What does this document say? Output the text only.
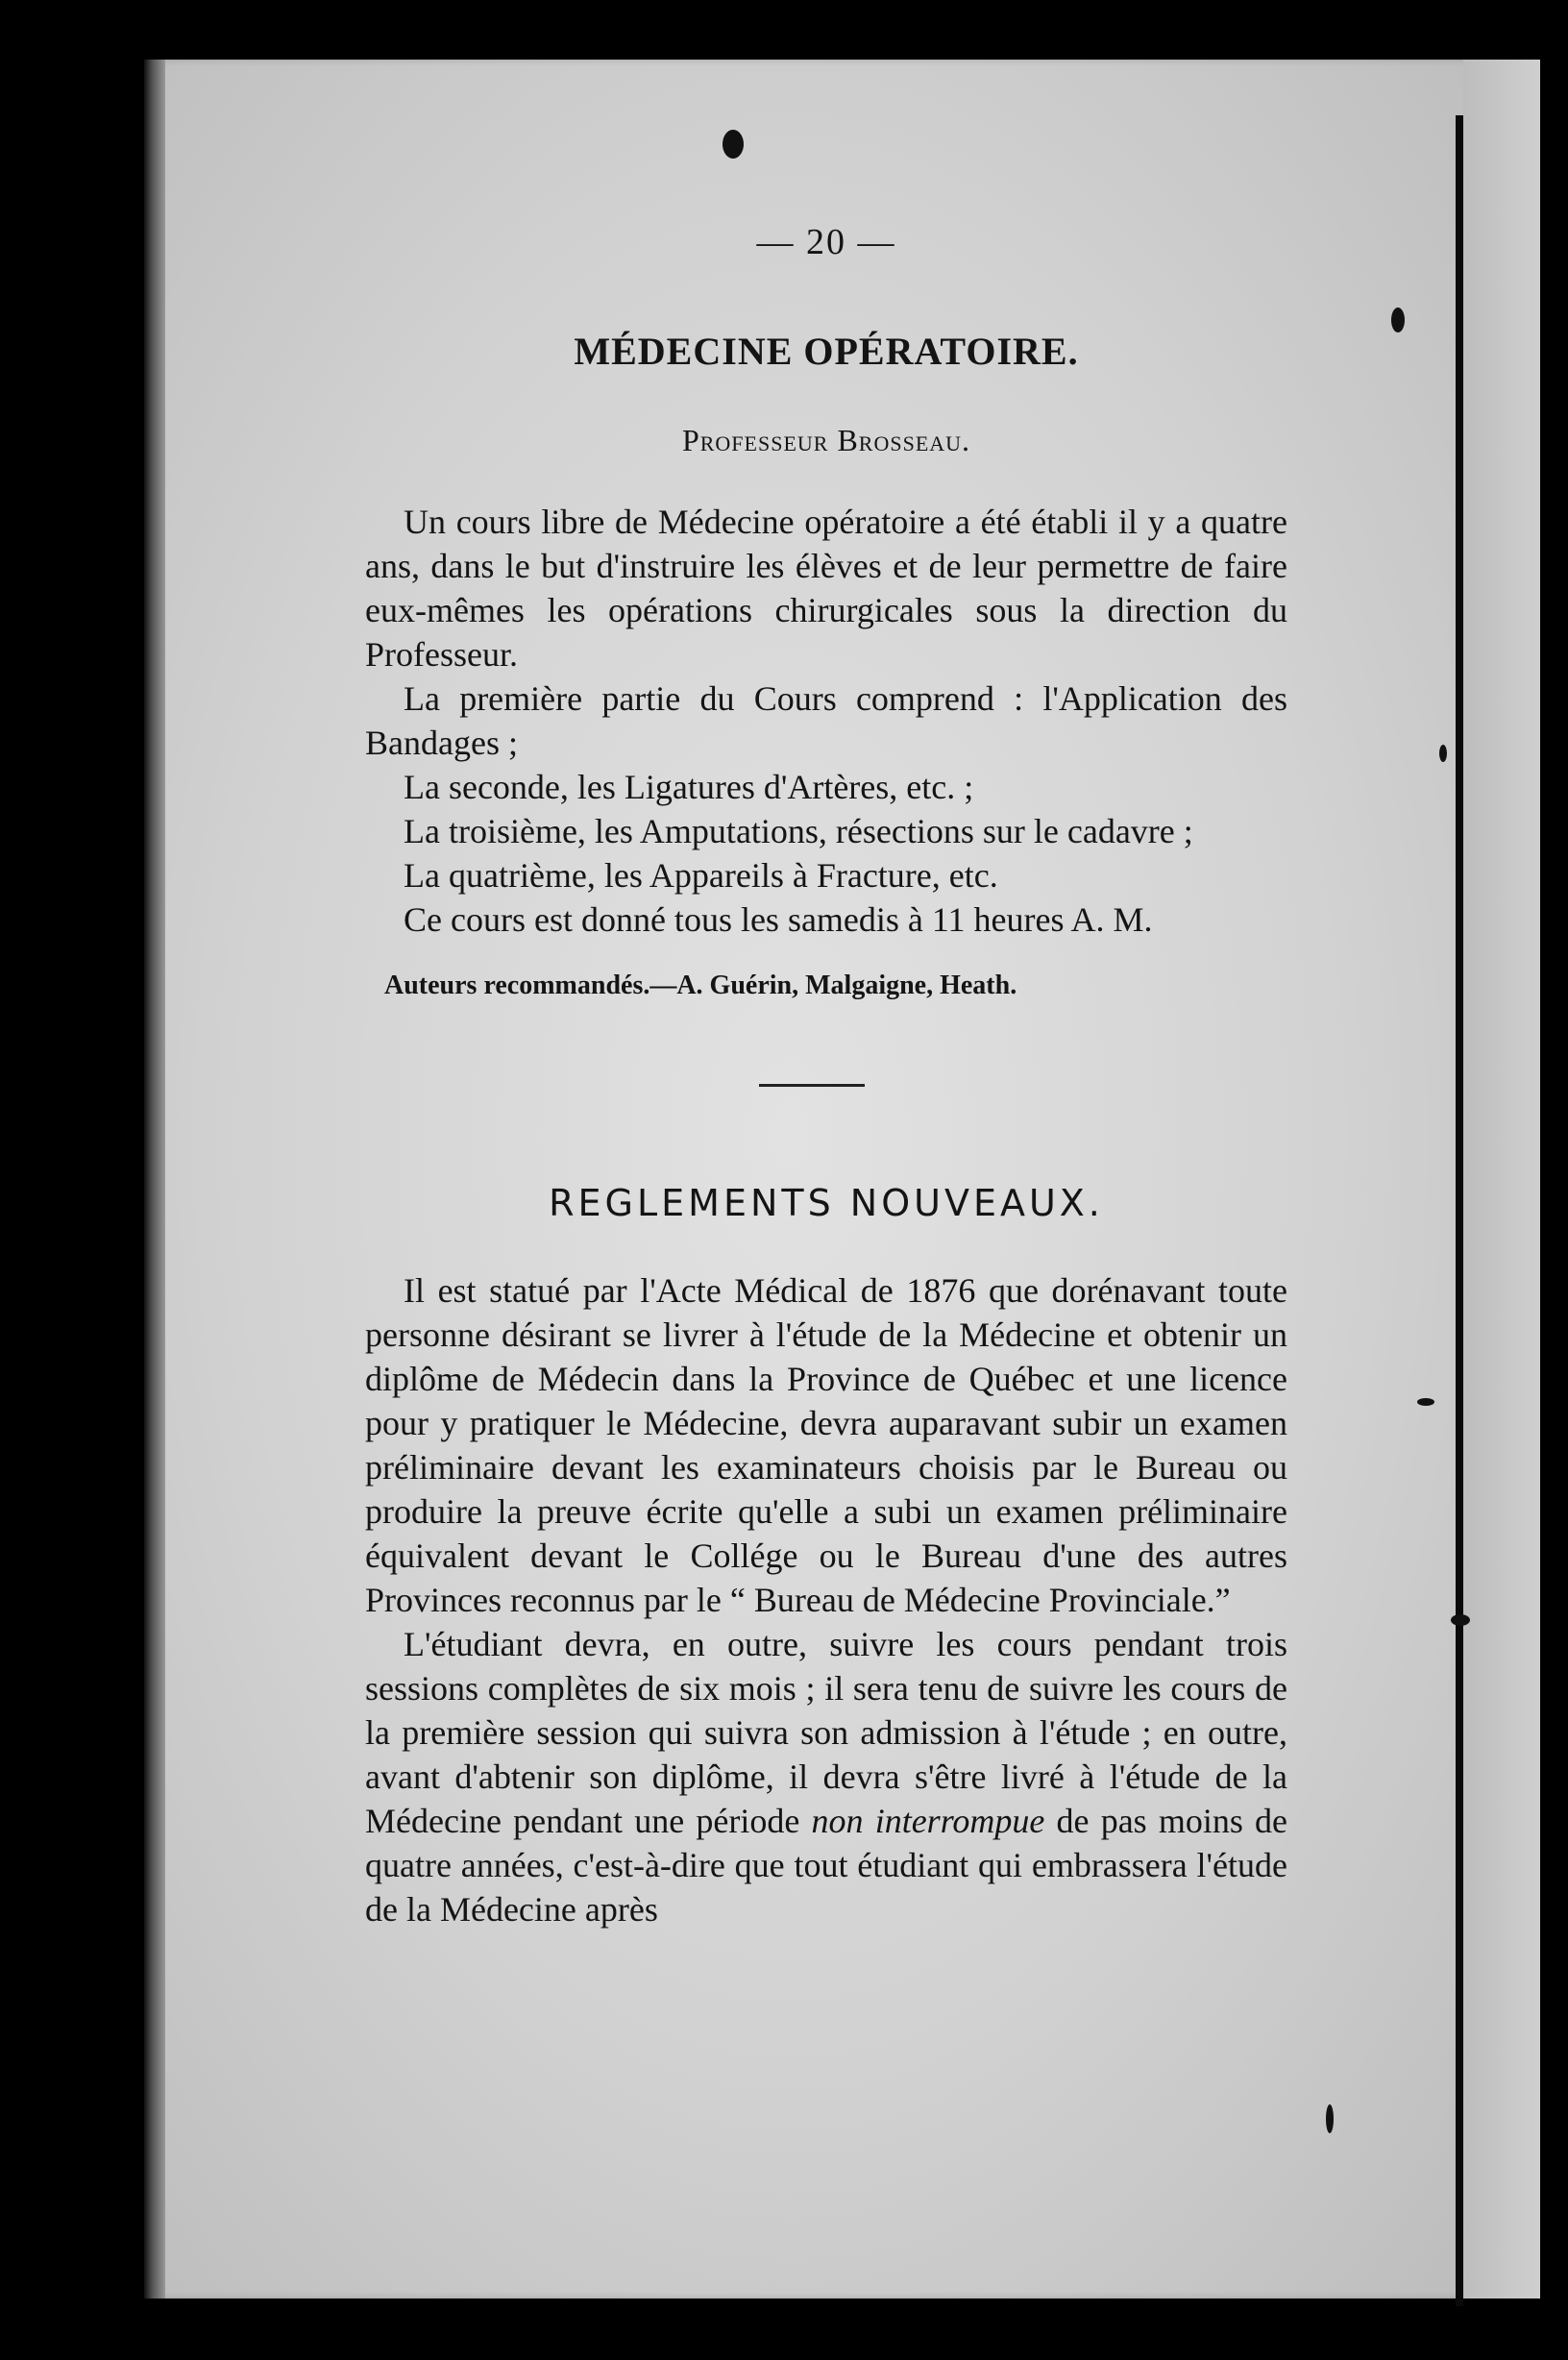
— 20 —
MÉDECINE OPÉRATOIRE.
Professeur Brosseau.

Un cours libre de Médecine opératoire a été établi il y a quatre ans, dans le but d'instruire les élèves et de leur permettre de faire eux-mêmes les opérations chirurgicales sous la direction du Professeur.

La première partie du Cours comprend : l'Application des Bandages ;

La seconde, les Ligatures d'Artères, etc. ;

La troisième, les Amputations, résections sur le cadavre ;

La quatrième, les Appareils à Fracture, etc.

Ce cours est donné tous les samedis à 11 heures A. M.

Auteurs recommandés.—A. Guérin, Malgaigne, Heath.
REGLEMENTS NOUVEAUX.

Il est statué par l'Acte Médical de 1876 que dorénavant toute personne désirant se livrer à l'étude de la Médecine et obtenir un diplôme de Médecin dans la Province de Québec et une licence pour y pratiquer le Médecine, devra auparavant subir un examen préliminaire devant les examinateurs choisis par le Bureau ou produire la preuve écrite qu'elle a subi un examen préliminaire équivalent devant le Collége ou le Bureau d'une des autres Provinces reconnus par le “ Bureau de Médecine Provinciale.”

L'étudiant devra, en outre, suivre les cours pendant trois sessions complètes de six mois ; il sera tenu de suivre les cours de la première session qui suivra son admission à l'étude ; en outre, avant d'abtenir son diplôme, il devra s'être livré à l'étude de la Médecine pendant une période non interrompue de pas moins de quatre années, c'est-à-dire que tout étudiant qui embrassera l'étude de la Médecine après
